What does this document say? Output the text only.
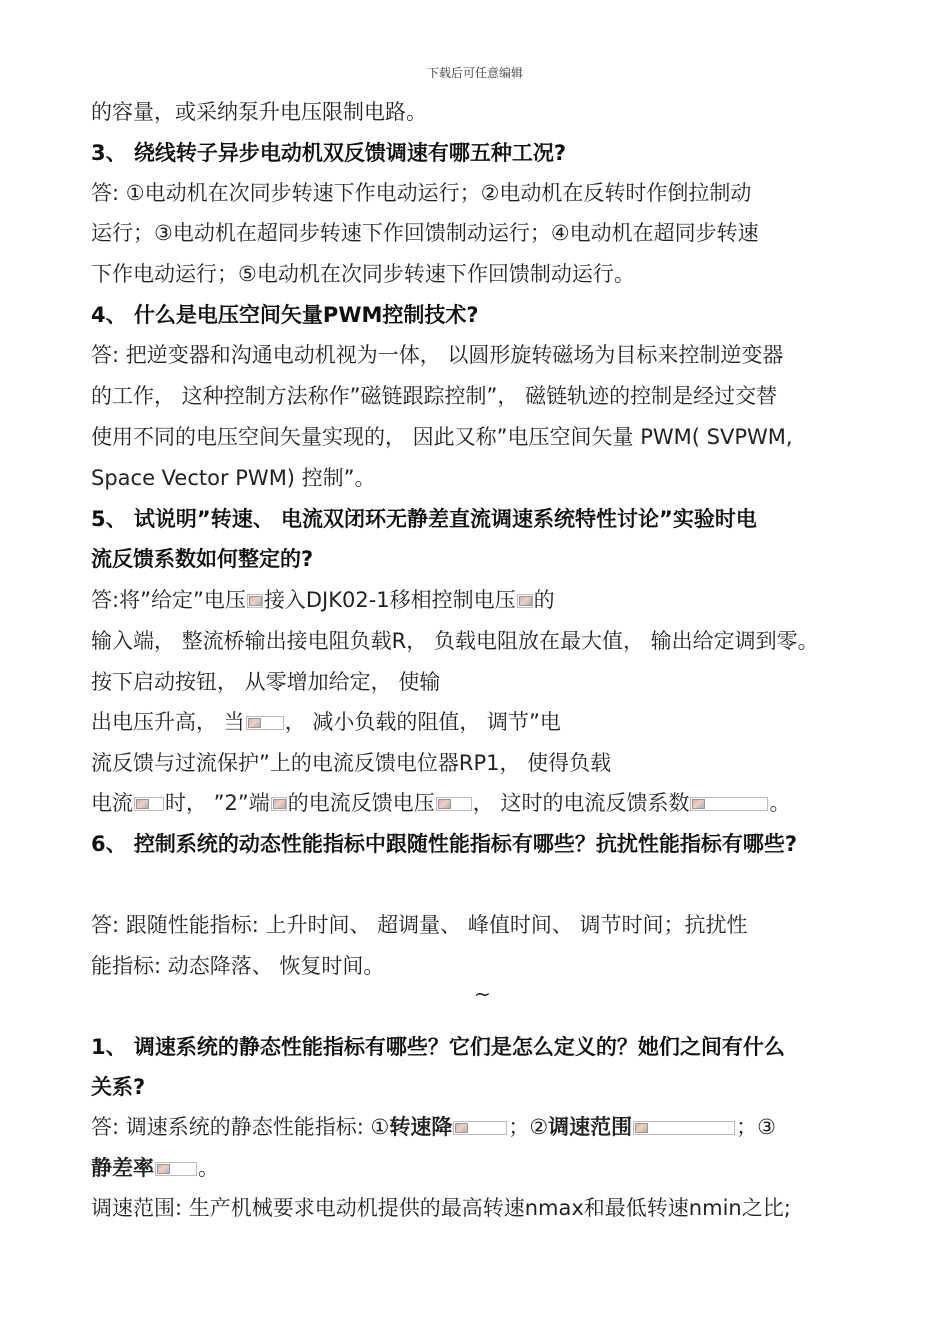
下载后可任意编辑
的容量，或采纳泵升电压限制电路。
3、 绕线转子异步电动机双反馈调速有哪五种工况?
答: ①电动机在次同步转速下作电动运行；②电动机在反转时作倒拉制动
运行；③电动机在超同步转速下作回馈制动运行；④电动机在超同步转速
下作电动运行；⑤电动机在次同步转速下作回馈制动运行。
4、 什么是电压空间矢量PWM控制技术?
答: 把逆变器和沟通电动机视为一体， 以圆形旋转磁场为目标来控制逆变器
的工作， 这种控制方法称作”磁链跟踪控制”， 磁链轨迹的控制是经过交替
使用不同的电压空间矢量实现的， 因此又称”电压空间矢量 PWM( SVPWM,
Space Vector PWM) 控制”。
5、 试说明”转速、 电流双闭环无静差直流调速系统特性讨论”实验时电
流反馈系数如何整定的?
答:将”给定”电压 接入DJK02-1移相控制电压 的
输入端， 整流桥输出接电阻负载R， 负载电阻放在最大值， 输出给定调到零。
按下启动按钮， 从零增加给定， 使输
出电压升高， 当 ， 减小负载的阻值， 调节”电
流反馈与过流保护”上的电流反馈电位器RP1， 使得负载
电流 时， ”2”端 的电流反馈电压 ， 这时的电流反馈系数	。
6、 控制系统的动态性能指标中跟随性能指标有哪些？抗扰性能指标有哪些?
答: 跟随性能指标: 上升时间、 超调量、 峰值时间、 调节时间；抗扰性
能指标: 动态降落、 恢复时间。
~
1、 调速系统的静态性能指标有哪些？它们是怎么定义的？她们之间有什么
关系?
答: 调速系统的静态性能指标: ①转速降	；②调速范围	；③
静差率 。
调速范围: 生产机械要求电动机提供的最高转速nmax和最低转速nmin之比;
